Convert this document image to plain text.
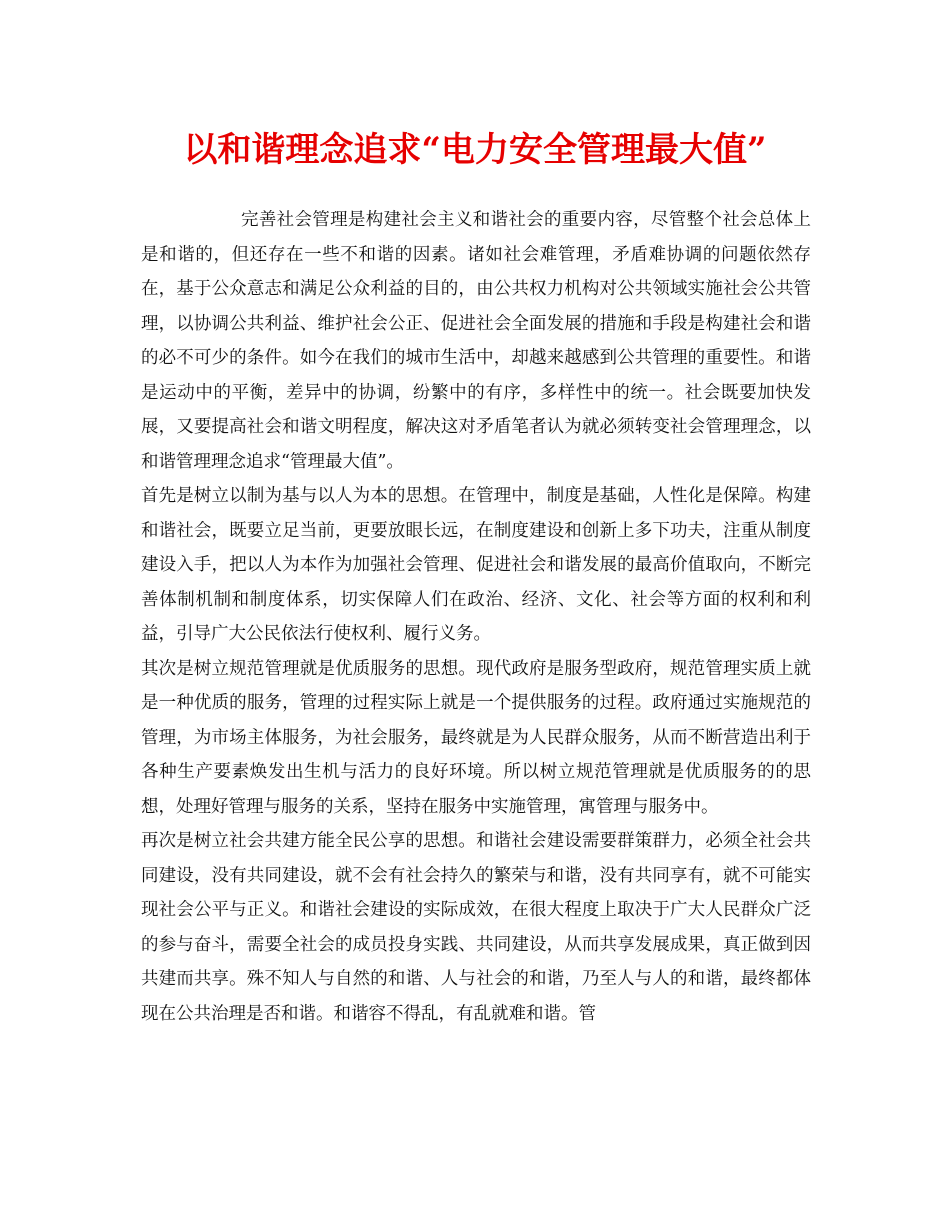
以和谐理念追求“电力安全管理最大值”

完善社会管理是构建社会主义和谐社会的重要内容，尽管整个社会总体上是和谐的，但还存在一些不和谐的因素。诸如社会难管理，矛盾难协调的问题依然存在，基于公众意志和满足公众利益的目的，由公共权力机构对公共领域实施社会公共管理，以协调公共利益、维护社会公正、促进社会全面发展的措施和手段是构建社会和谐的必不可少的条件。如今在我们的城市生活中，却越来越感到公共管理的重要性。和谐是运动中的平衡，差异中的协调，纷繁中的有序，多样性中的统一。社会既要加快发展，又要提高社会和谐文明程度，解决这对矛盾笔者认为就必须转变社会管理理念，以和谐管理理念追求“管理最大值”。

首先是树立以制为基与以人为本的思想。在管理中，制度是基础，人性化是保障。构建和谐社会，既要立足当前，更要放眼长远，在制度建设和创新上多下功夫，注重从制度建设入手，把以人为本作为加强社会管理、促进社会和谐发展的最高价值取向，不断完善体制机制和制度体系，切实保障人们在政治、经济、文化、社会等方面的权利和利益，引导广大公民依法行使权利、履行义务。

其次是树立规范管理就是优质服务的思想。现代政府是服务型政府，规范管理实质上就是一种优质的服务，管理的过程实际上就是一个提供服务的过程。政府通过实施规范的管理，为市场主体服务，为社会服务，最终就是为人民群众服务，从而不断营造出利于各种生产要素焕发出生机与活力的良好环境。所以树立规范管理就是优质服务的的思想，处理好管理与服务的关系，坚持在服务中实施管理，寓管理与服务中。

再次是树立社会共建方能全民公享的思想。和谐社会建设需要群策群力，必须全社会共同建设，没有共同建设，就不会有社会持久的繁荣与和谐，没有共同享有，就不可能实现社会公平与正义。和谐社会建设的实际成效，在很大程度上取决于广大人民群众广泛的参与奋斗，需要全社会的成员投身实践、共同建设，从而共享发展成果，真正做到因共建而共享。殊不知人与自然的和谐、人与社会的和谐，乃至人与人的和谐，最终都体现在公共治理是否和谐。和谐容不得乱，有乱就难和谐。管
